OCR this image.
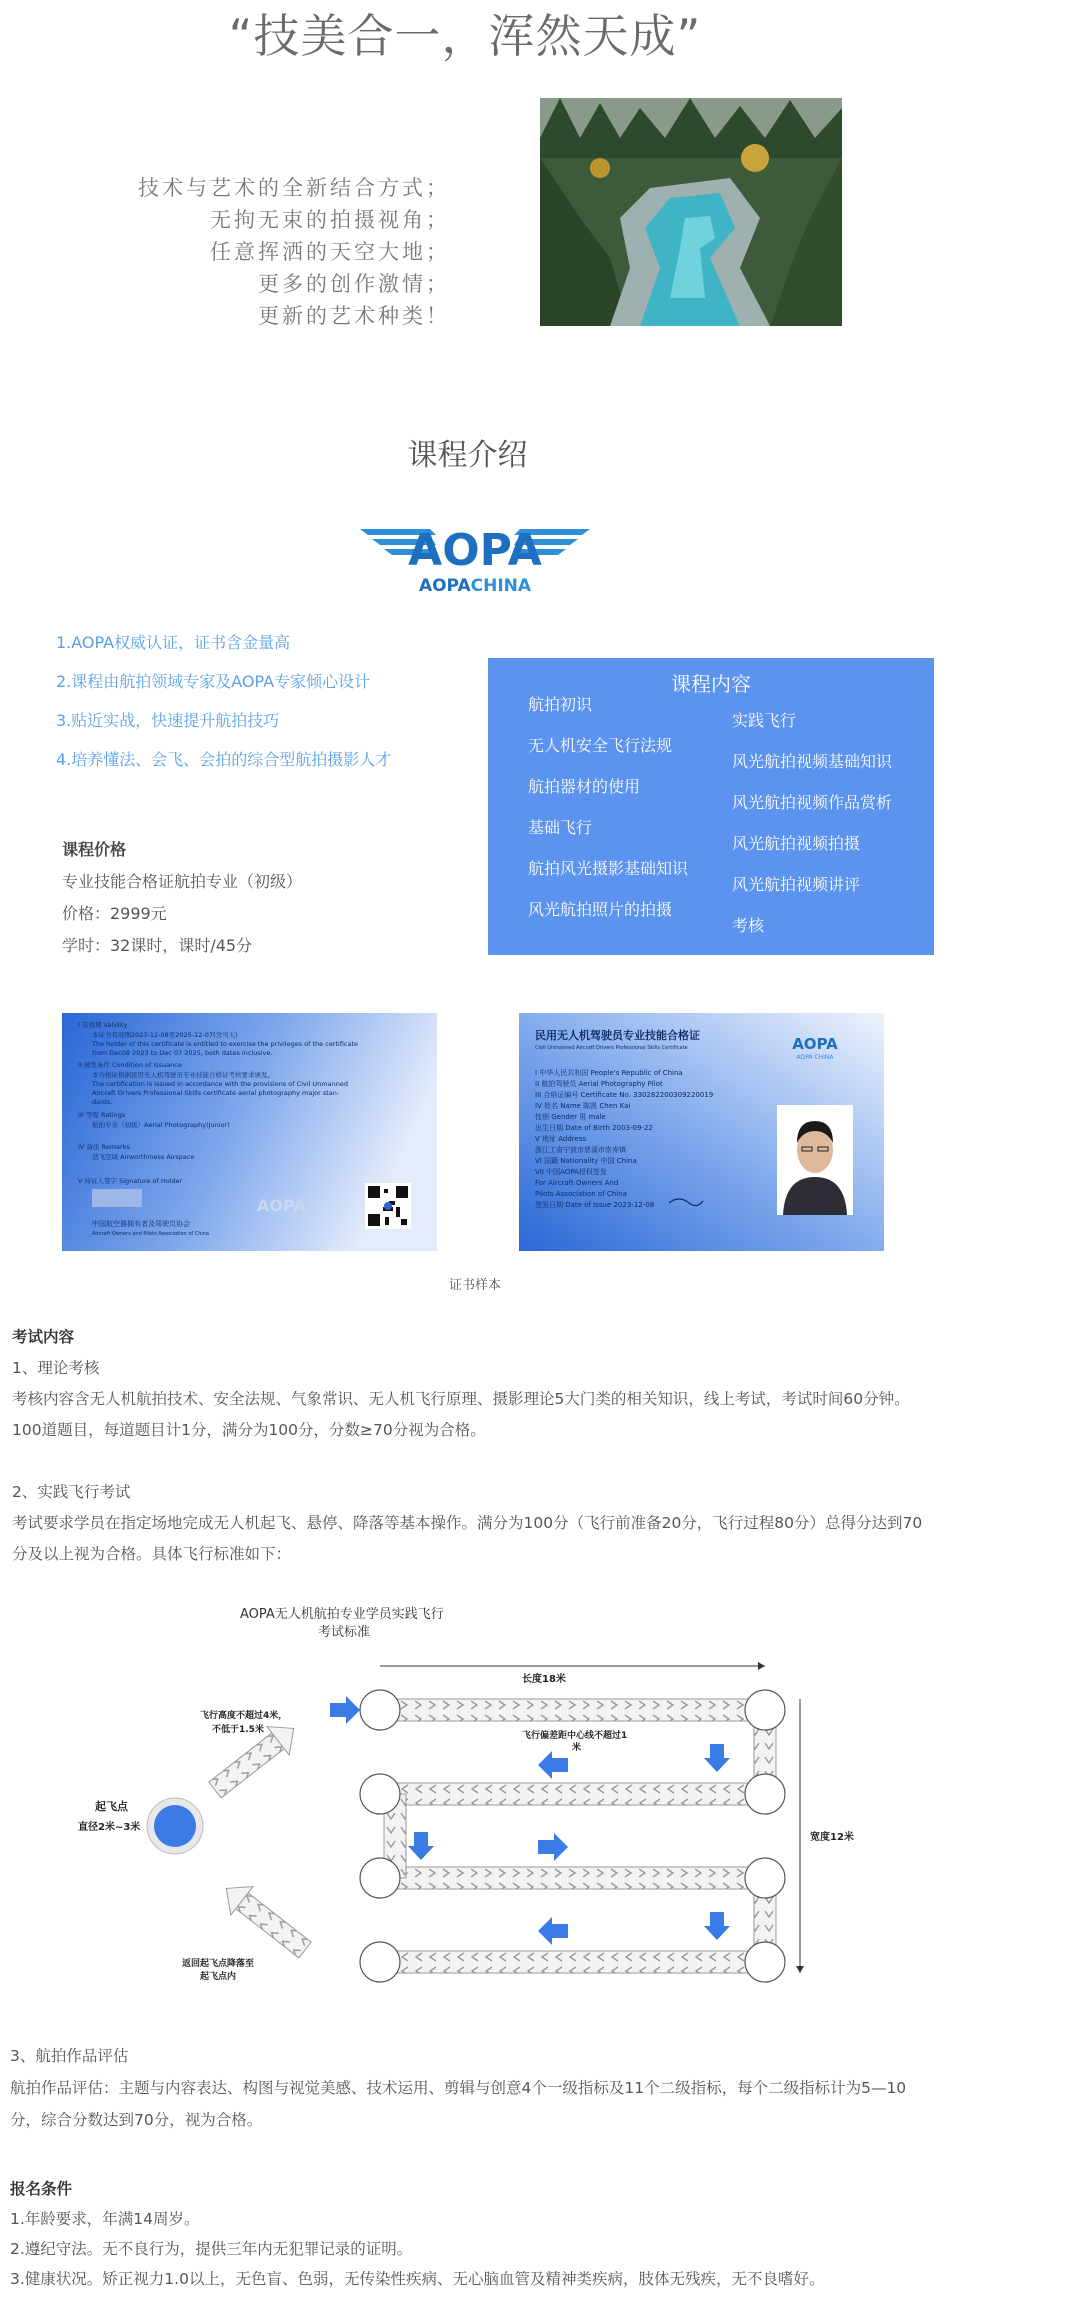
“技美合一，浑然天成”
技术与艺术的全新结合方式；
无拘无束的拍摄视角；
任意挥洒的天空大地；
更多的创作激情；
更新的艺术种类！
课程介绍
AOPA
AOPACHINA
1.AOPA权威认证，证书含金量高
2.课程由航拍领域专家及AOPA专家倾心设计
3.贴近实战，快速提升航拍技巧
4.培养懂法、会飞、会拍的综合型航拍摄影人才
课程价格
专业技能合格证航拍专业（初级）
价格：2999元
学时：32课时，课时/45分
课程内容
航拍初识
无人机安全飞行法规
航拍器材的使用
基础飞行
航拍风光摄影基础知识
风光航拍照片的拍摄
实践飞行
风光航拍视频基础知识
风光航拍视频作品赏析
风光航拍视频拍摄
风光航拍视频讲评
考核
I 有效期 Validity
本证书有效期2023-12-08至2025-12-07(含当天)
The holder of this certificate is entitled to exercise the privileges of the certificate
from Dec08 2023 to Dec 07 2025, both dates inclusive.
II 颁发条件 Condition of Issuance
本合格证根据民用无人机驾驶员专业技能合格证考核要求颁发。
The certification is issued in accordance with the provisions of Civil Unmanned
Aircraft Drivers Professional Skills certificate aerial photography major stan-
dards.
III 等级 Ratings
航拍专业（初级）Aerial Photography(Junior)
IV 备注 Remarks
适飞空域 Airworthiness Airspace
V 持证人签字 Signature of Holder
中国航空器拥有者及驾驶员协会
Aircraft Owners and Pilots Association of China
AOPA
民用无人机驾驶员专业技能合格证
Civil Unmanned Aircraft Drivers Professional Skills Certificate	AOPA
AOPA CHINA
I 中华人民共和国 People's Republic of China
II 航拍驾驶员 Aerial Photography Pilot
III 合格证编号 Certificate No. 330282200309220019
IV 姓名 Name 陈凯 Chen Kai
性别 Gender 男 male
出生日期 Date of Birth 2003-09-22
V 地址 Address
浙江工省宁波市慈溪市崇寿镇
VI 国籍 Nationality 中国 China
VII 中国AOPA授权签发
For Aircraft Owners And
Pilots Association of China
签发日期 Date of Issue 2023-12-08
证书样本
考试内容
1、理论考核
考核内容含无人机航拍技术、安全法规、气象常识、无人机飞行原理、摄影理论5大门类的相关知识，线上考试，考试时间60分钟。
100道题目，每道题目计1分，满分为100分，分数≥70分视为合格。
2、实践飞行考试
考试要求学员在指定场地完成无人机起飞、悬停、降落等基本操作。满分为100分（飞行前准备20分，飞行过程80分）总得分达到70
分及以上视为合格。具体飞行标准如下：
AOPA无人机航拍专业学员实践飞行
考试标准
长度18米
宽度12米
飞行偏差距中心线不超过1
米
飞行高度不超过4米，
不低于1.5米
返回起飞点降落至
起飞点内
起飞点
直径2米~3米
3、航拍作品评估
航拍作品评估：主题与内容表达、构图与视觉美感、技术运用、剪辑与创意4个一级指标及11个二级指标，每个二级指标计为5—10
分，综合分数达到70分，视为合格。
报名条件
1.年龄要求，年满14周岁。
2.遵纪守法。无不良行为，提供三年内无犯罪记录的证明。
3.健康状况。矫正视力1.0以上，无色盲、色弱，无传染性疾病、无心脑血管及精神类疾病，肢体无残疾，无不良嗜好。
